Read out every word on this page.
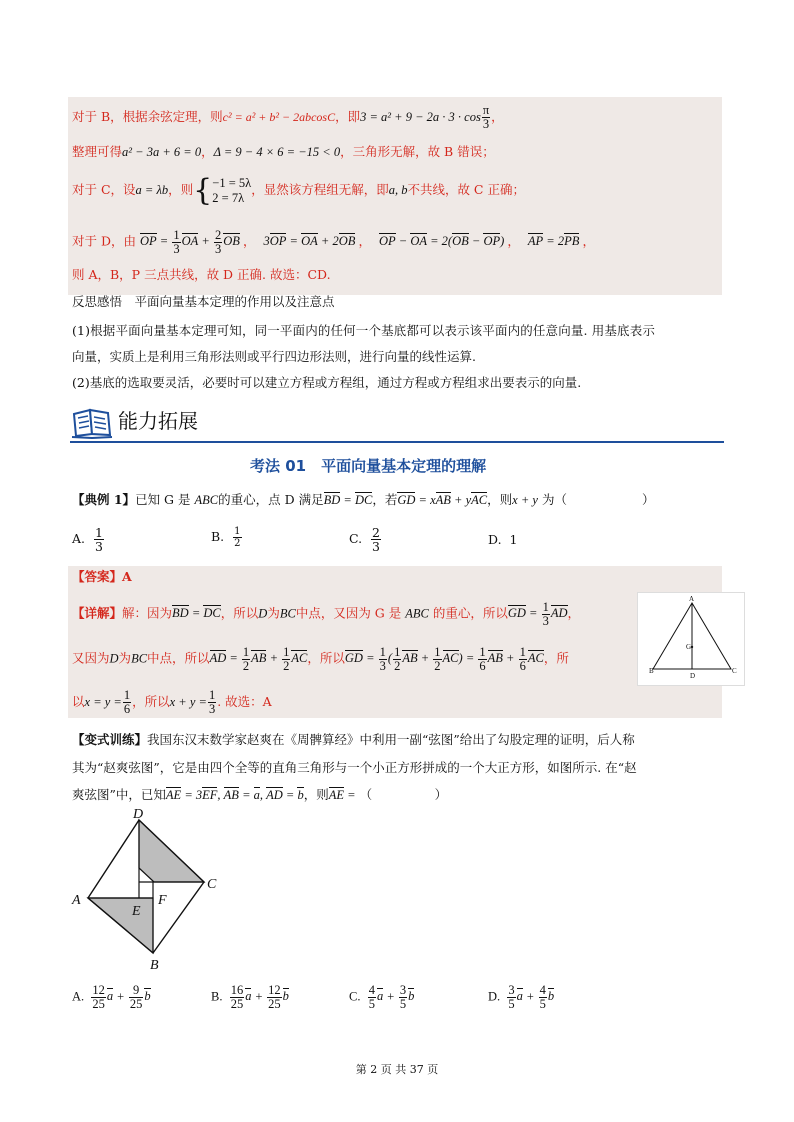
对于 B，根据余弦定理，则c² = a² + b² − 2abcosC，即$3 = a^2 + 9 - 2a \cdot 3 \cdot \cos \frac{\pi}{3}$ ，
整理可得a² − 3a + 6 = 0，Δ = 9 − 4 × 6 = −15 < 0，三角形无解，故 B 错误；
对于 C，设a = λb，则{ −1 = 5λ
2 = 7λ
，显然该方程组无解，即a, b不共线，故 C 正确；
对于 D，由 OP = $\frac{1}{3}$ OA + $\frac{2}{3}$ OB ， 3OP = OA + 2OB ， OP − OA = 2(OB − OP) ， AP = 2PB ，
则 A，B，P 三点共线，故 D 正确. 故选：CD.
反思感悟　平面向量基本定理的作用以及注意点
(1)根据平面向量基本定理可知，同一平面内的任何一个基底都可以表示该平面内的任意向量. 用基底表示
向量，实质上是利用三角形法则或平行四边形法则，进行向量的线性运算.
(2)基底的选取要灵活，必要时可以建立方程或方程组，通过方程或方程组求出要表示的向量.
能力拓展
考法 01　平面向量基本定理的理解
【典例 1】已知 G 是 ABC的重心，点 D 满足BD = DC，若GD = xAB + yAC，则x + y 为（　　　　　　）
A. $\frac{1}{3}$	B. $\frac{1}{2}$	C. $\frac{2}{3}$	D. 1
【答案】A
【详解】解：因为BD = DC，所以D为BC中点，又因为 G 是 ABC 的重心，所以GD = $\frac{1}{3}$ AD，
又因为D为BC中点，所以AD = $\frac{1}{2}$ AB + $\frac{1}{2}$ AC，所以GD = $\frac{1}{3}$ ( $\frac{1}{2}$ AB + $\frac{1}{2} AC) = \frac{1}{6}$ AB + $\frac{1}{6}$ AC，所
以$x = y = \frac{1}{6}$ ，所以$x + y = \frac{1}{3}$ . 故选：A
A
B	C
D
G
【变式训练】我国东汉末数学家赵爽在《周髀算经》中利用一副“弦图”给出了勾股定理的证明，后人称
其为“赵爽弦图”，它是由四个全等的直角三角形与一个小正方形拼成的一个大正方形，如图所示. 在“赵
爽弦图”中，已知AE = 3EF, AB = a, AD = b，则AE = （　　　　　）
D
C
B
A
E
F
A. $\frac{12}{25}$ $a + \frac{9}{25}$ b	B. $\frac{16}{25}$ $a + \frac{12}{25}$ b	C. $\frac{4}{5}$ $a + \frac{3}{5}$ b	D. $\frac{3}{5}$ $a + \frac{4}{5}$ b
第 2 页 共 37 页
